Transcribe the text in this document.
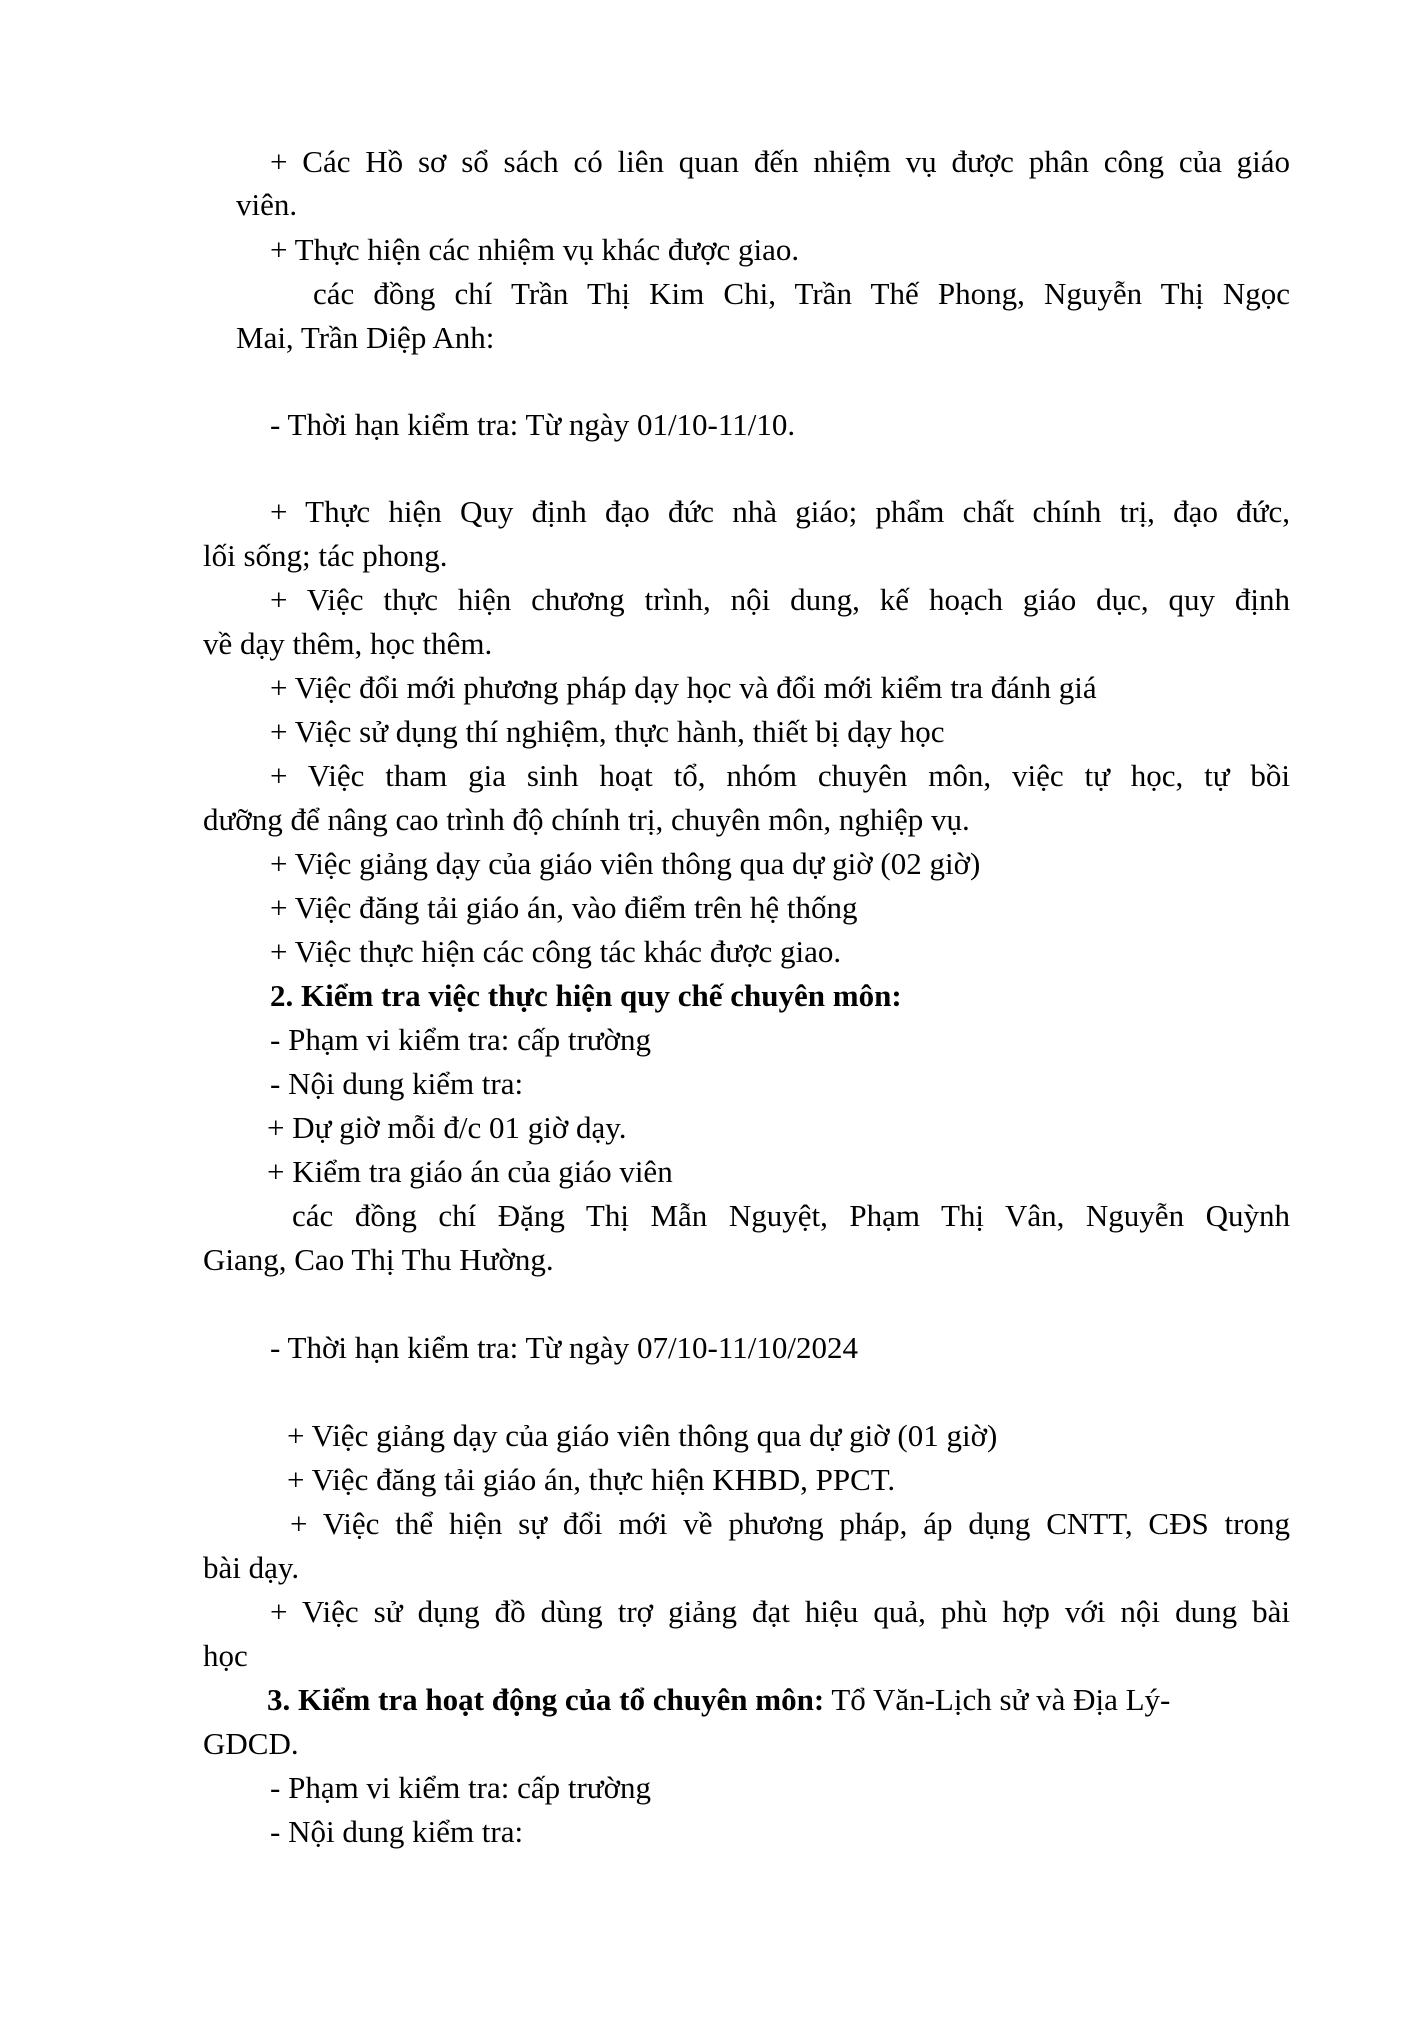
+ Các Hồ sơ sổ sách có liên quan đến nhiệm vụ được phân công của giáo
viên.
+ Thực hiện các nhiệm vụ khác được giao.
các đồng chí Trần Thị Kim Chi, Trần Thế Phong, Nguyễn Thị Ngọc
Mai, Trần Diệp Anh:
- Thời hạn kiểm tra: Từ ngày 01/10-11/10.
+ Thực hiện Quy định đạo đức nhà giáo; phẩm chất chính trị, đạo đức,
lối sống; tác phong.
+ Việc thực hiện chương trình, nội dung, kế hoạch giáo dục, quy định
về dạy thêm, học thêm.
+ Việc đổi mới phương pháp dạy học và đổi mới kiểm tra đánh giá
+ Việc sử dụng thí nghiệm, thực hành, thiết bị dạy học
+ Việc tham gia sinh hoạt tổ, nhóm chuyên môn, việc tự học, tự bồi
dưỡng để nâng cao trình độ chính trị, chuyên môn, nghiệp vụ.
+ Việc giảng dạy của giáo viên thông qua dự giờ (02 giờ)
+ Việc đăng tải giáo án, vào điểm trên hệ thống
+ Việc thực hiện các công tác khác được giao.
2. Kiểm tra việc thực hiện quy chế chuyên môn:
- Phạm vi kiểm tra: cấp trường
- Nội dung kiểm tra:
+ Dự giờ mỗi đ/c 01 giờ dạy.
+ Kiểm tra giáo án của giáo viên
các đồng chí Đặng Thị Mẫn Nguyệt, Phạm Thị Vân, Nguyễn Quỳnh
Giang, Cao Thị Thu Hường.
- Thời hạn kiểm tra: Từ ngày 07/10-11/10/2024
+ Việc giảng dạy của giáo viên thông qua dự giờ (01 giờ)
+ Việc đăng tải giáo án, thực hiện KHBD, PPCT.
+ Việc thể hiện sự đổi mới về phương pháp, áp dụng CNTT, CĐS trong
bài dạy.
+ Việc sử dụng đồ dùng trợ giảng đạt hiệu quả, phù hợp với nội dung bài
học
3. Kiểm tra hoạt động của tổ chuyên môn: Tổ Văn-Lịch sử và Địa Lý-
GDCD.
- Phạm vi kiểm tra: cấp trường
- Nội dung kiểm tra:
